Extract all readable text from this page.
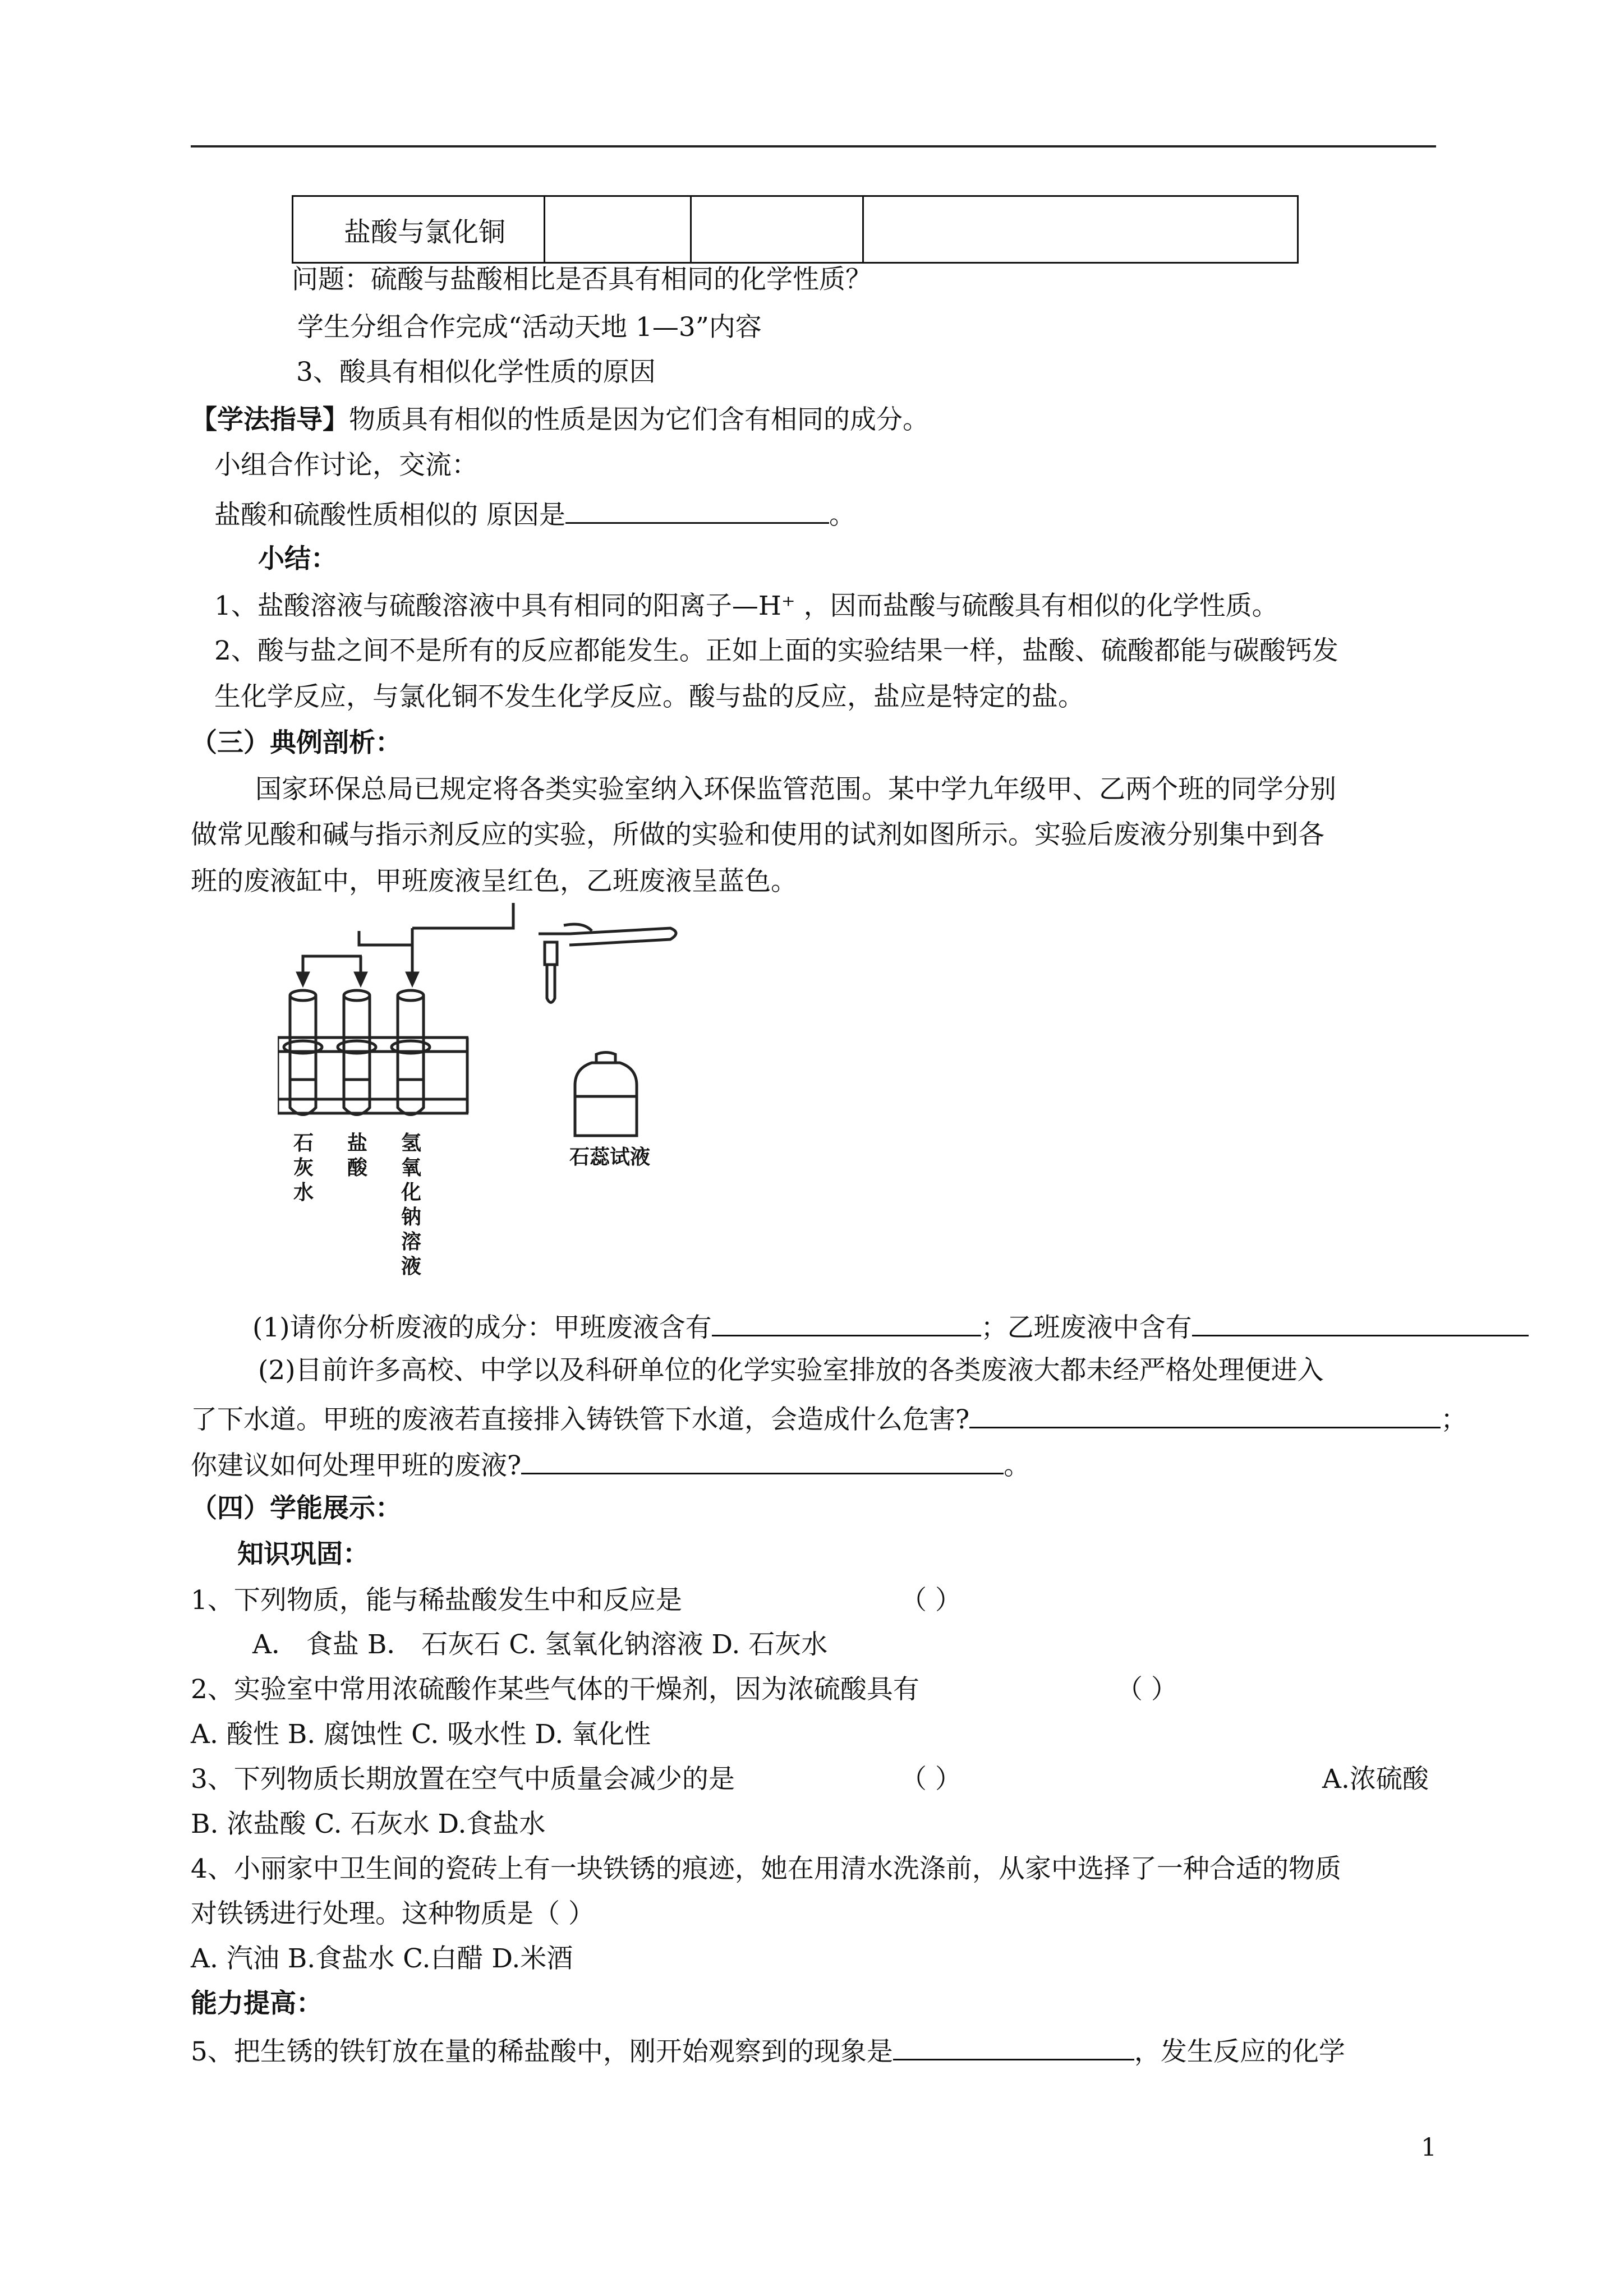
盐酸与氯化铜			
问题：硫酸与盐酸相比是否具有相同的化学性质？
学生分组合作完成“活动天地 1—3”内容
3、酸具有相似化学性质的原因
【学法指导】物质具有相似的性质是因为它们含有相同的成分。
小组合作讨论，交流：
盐酸和硫酸性质相似的 原因是	。
小结：
1、盐酸溶液与硫酸溶液中具有相同的阳离子—H⁺ ，因而盐酸与硫酸具有相似的化学性质。
2、酸与盐之间不是所有的反应都能发生。正如上面的实验结果一样，盐酸、硫酸都能与碳酸钙发
生化学反应，与氯化铜不发生化学反应。酸与盐的反应，盐应是特定的盐。
（三）典例剖析：
国家环保总局已规定将各类实验室纳入环保监管范围。某中学九年级甲、乙两个班的同学分别
做常见酸和碱与指示剂反应的实验，所做的实验和使用的试剂如图所示。实验后废液分别集中到各
班的废液缸中，甲班废液呈红色，乙班废液呈蓝色。
石
灰
水
盐
酸
氢
氧
化
钠
溶
液
石蕊试液
(1)请你分析废液的成分：甲班废液含有	；乙班废液中含有
(2)目前许多高校、中学以及科研单位的化学实验室排放的各类废液大都未经严格处理便进入
了下水道。甲班的废液若直接排入铸铁管下水道，会造成什么危害?	；
你建议如何处理甲班的废液?	。
（四）学能展示：
知识巩固：
1、下列物质，能与稀盐酸发生中和反应是	（ ）
A． 食盐 B． 石灰石 C. 氢氧化钠溶液 D. 石灰水
2、实验室中常用浓硫酸作某些气体的干燥剂，因为浓硫酸具有	（ ）
A. 酸性 B. 腐蚀性 C. 吸水性 D. 氧化性
3、下列物质长期放置在空气中质量会减少的是	（ ）	A.浓硫酸
B. 浓盐酸 C. 石灰水 D.食盐水
4、小丽家中卫生间的瓷砖上有一块铁锈的痕迹，她在用清水洗涤前，从家中选择了一种合适的物质
对铁锈进行处理。这种物质是（ ）
A. 汽油 B.食盐水 C.白醋 D.米酒
能力提高：
5、把生锈的铁钉放在量的稀盐酸中，刚开始观察到的现象是	，发生反应的化学
1
